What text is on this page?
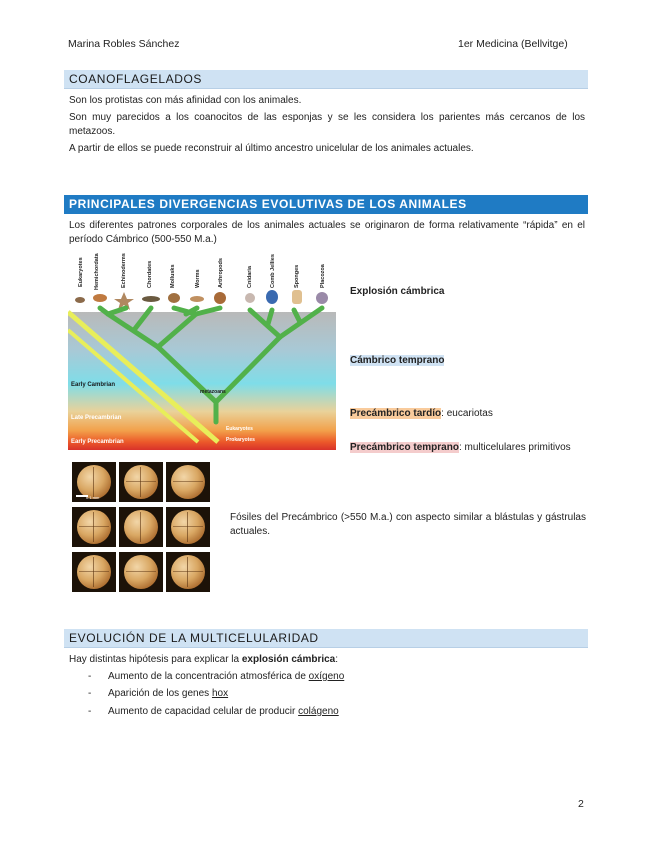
Marina Robles Sánchez	1er Medicina (Bellvitge)
COANOFLAGELADOS

Son los protistas con más afinidad con los animales.

Son muy parecidos a los coanocitos de las esponjas y se les considera los parientes más cercanos de los metazoos.

A partir de ellos se puede reconstruir al último ancestro unicelular de los animales actuales.

PRINCIPALES DIVERGENCIAS EVOLUTIVAS DE LOS ANIMALES

Los diferentes patrones corporales de los animales actuales se originaron de forma relativamente “rápida” en el período Cámbrico (500-550 M.a.)

Eukaryotes Hemichordata	Echinoderms	Chordates	Mollusks	Worms	Arthropods	Cnidaria	Comb Jellies	Sponges	Placozoa
Early Cambrian
Late Precambrian
Early Precambrian
metazoans
Eukaryotes
Prokaryotes
Explosión cámbrica
Cámbrico temprano
Precámbrico tardío: eucariotas
Precámbrico temprano: multicelulares primitivos
0.1 mm
Fósiles del Precámbrico (>550 M.a.) con aspecto similar a blástulas y gástrulas actuales.
EVOLUCIÓN DE LA MULTICELULARIDAD

Hay distintas hipótesis para explicar la explosión cámbrica:

- Aumento de la concentración atmosférica de oxígeno
- Aparición de los genes hox
- Aumento de capacidad celular de producir colágeno
2
